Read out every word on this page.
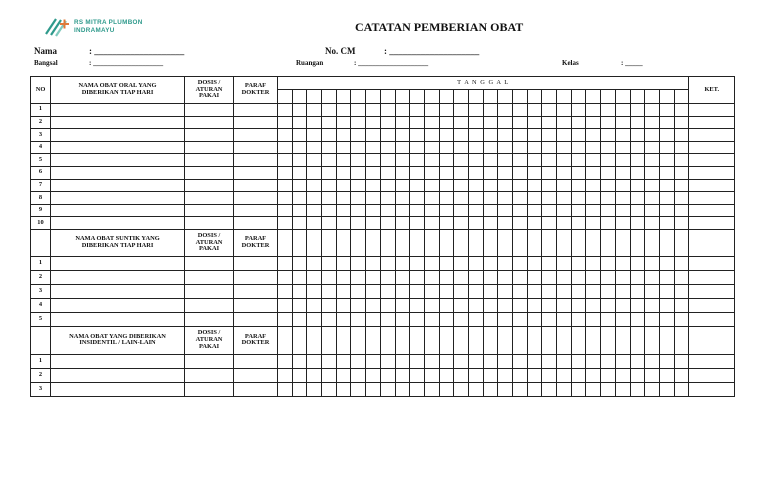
RS MITRA PLUMBON
INDRAMAYU	CATATAN PEMBERIAN OBAT
Nama	: ____________________	No. CM	: ____________________
Bangsal	: ____________________	Ruangan	: ____________________	Kelas	: _____
NO	NAMA OBAT ORAL YANG DIBERIKAN TIAP HARI	DOSIS / ATURAN PAKAI	PARAF DOKTER	T A N G G A L																												KET.

1																																
2																																
3																																
4																																
5																																
6																																
7																																
8																																
9																																
10																																
	NAMA OBAT SUNTIK YANG DIBERIKAN TIAP HARI	DOSIS / ATURAN PAKAI	PARAF DOKTER																													
1																																
2																																
3																																
4																																
5																																
	NAMA OBAT YANG DIBERIKAN INSIDENTIL / LAIN-LAIN	DOSIS / ATURAN PAKAI	PARAF DOKTER																													
1																																
2																																
3																																
